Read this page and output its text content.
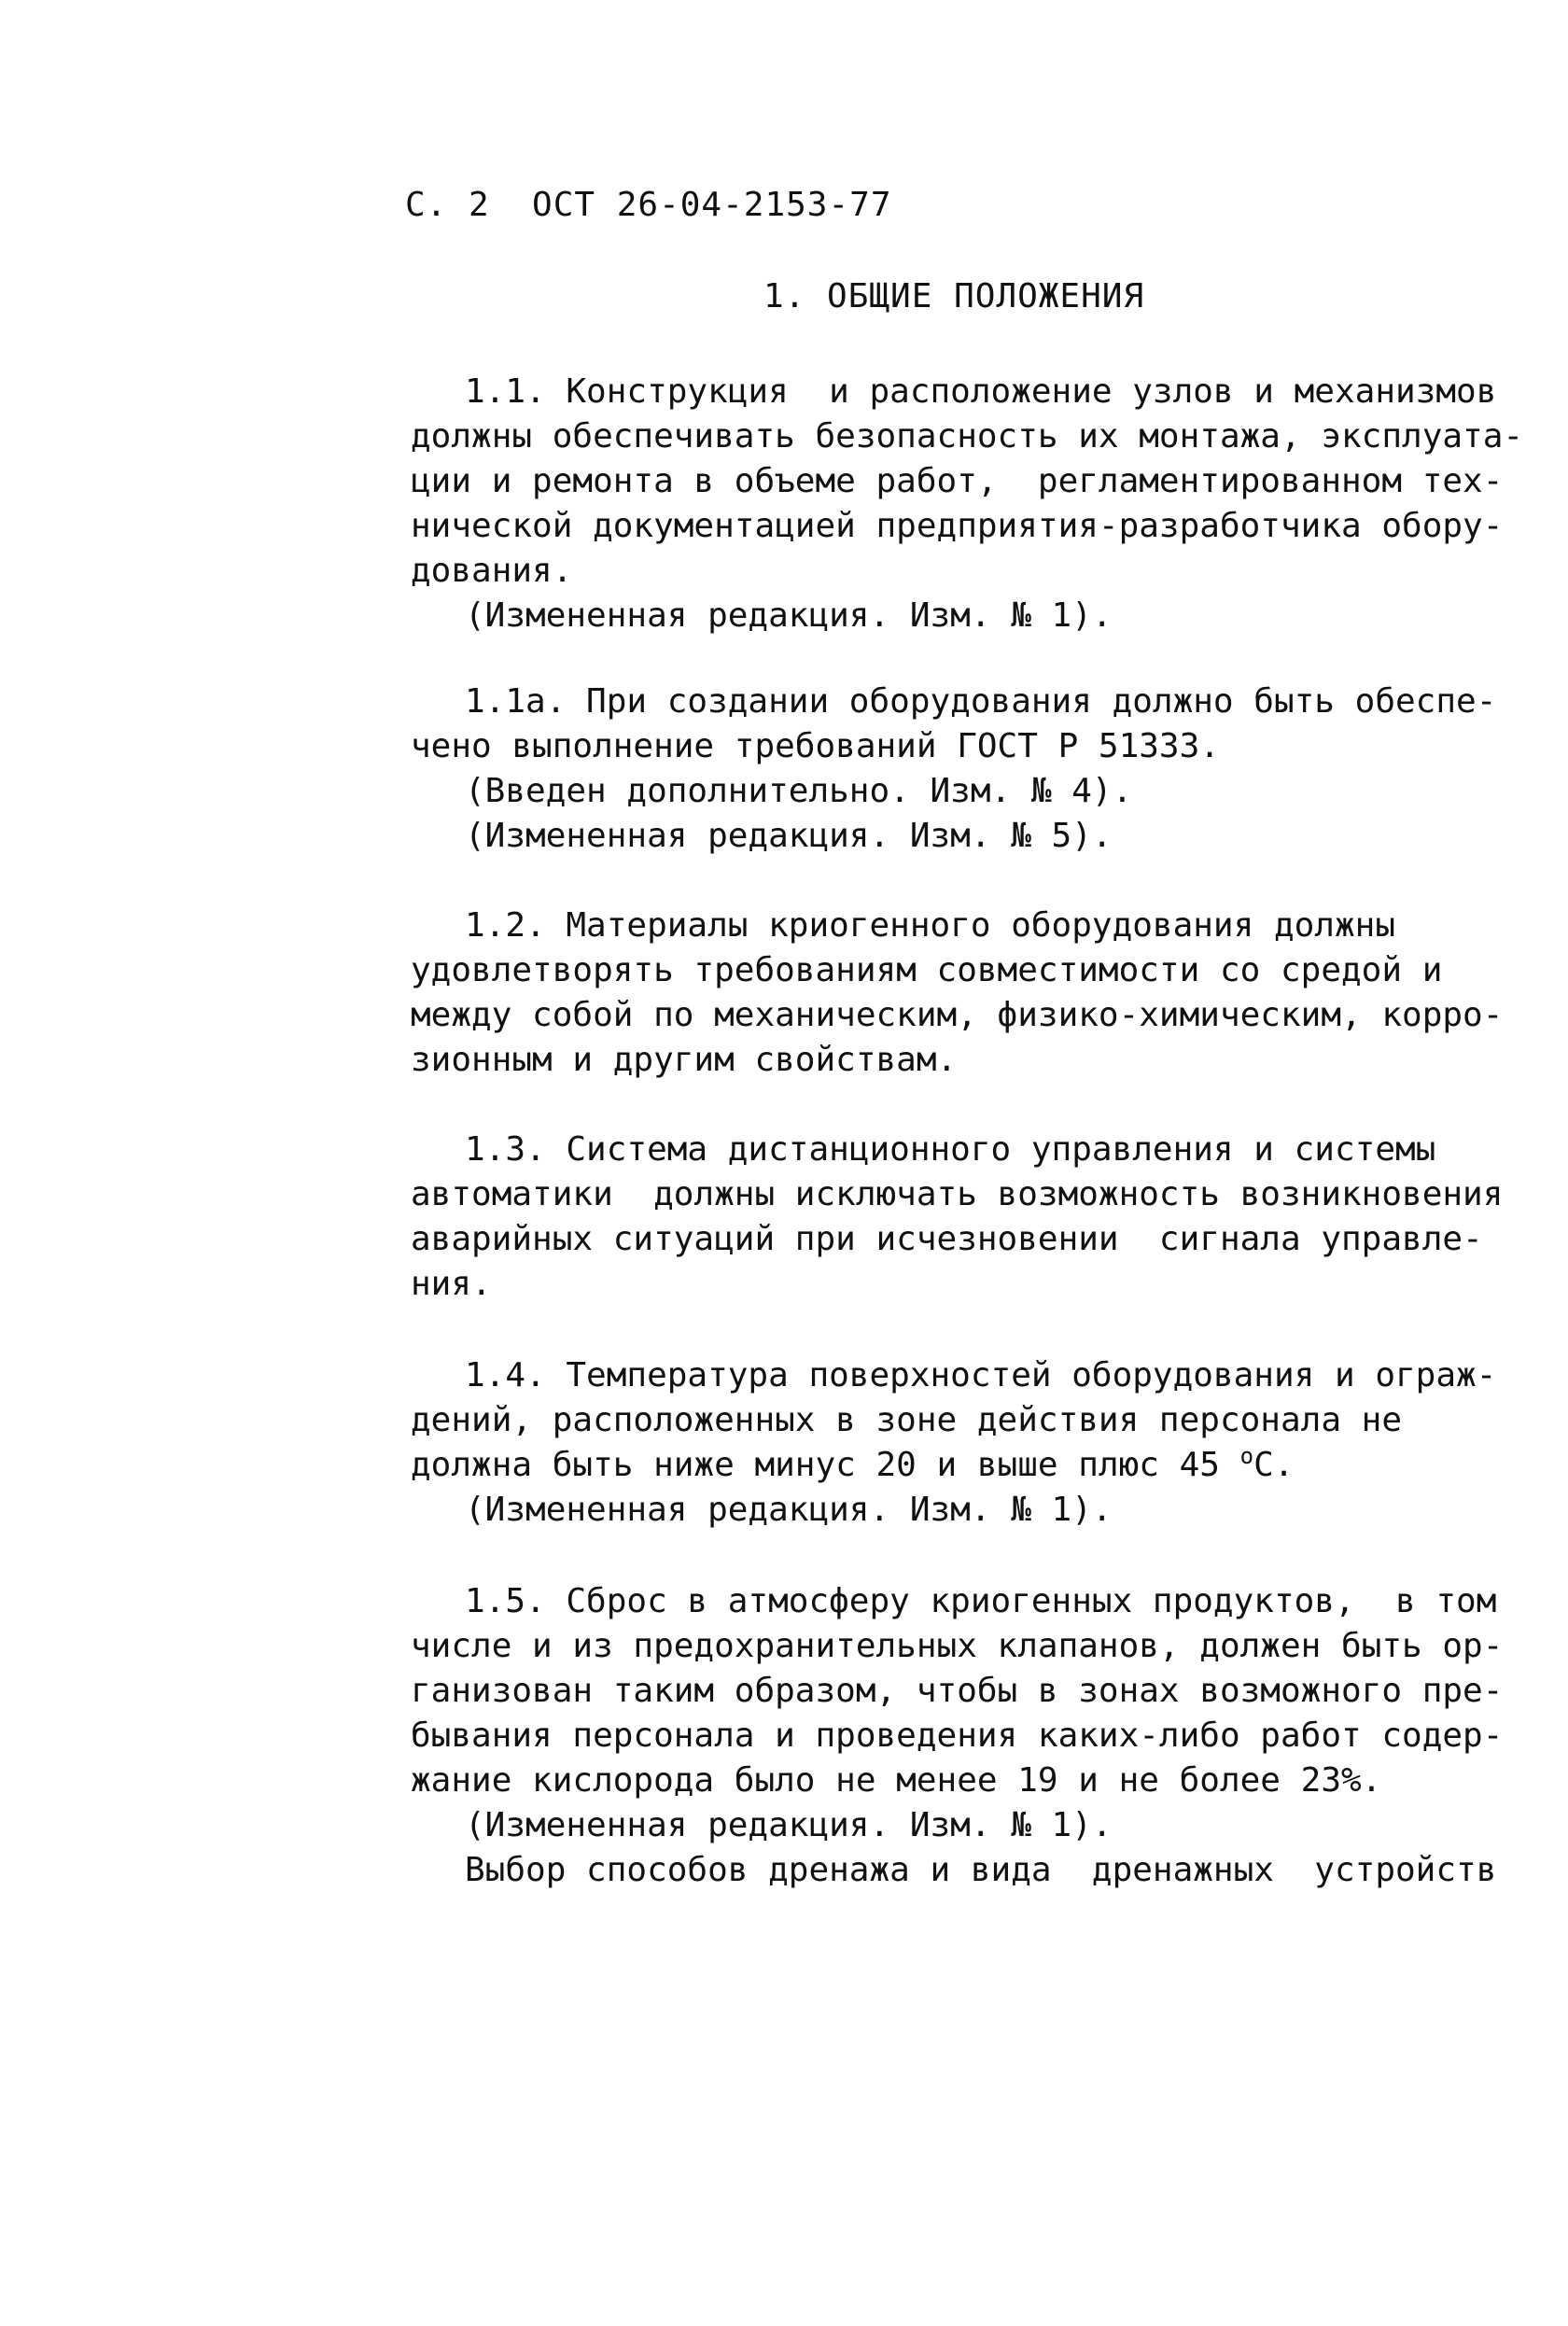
С. 2  ОСТ 26-04-2153-77
1. ОБЩИЕ ПОЛОЖЕНИЯ
1.1. Конструкция  и расположение узлов и механизмов
должны обеспечивать безопасность их монтажа, эксплуата-
ции и ремонта в объеме работ,  регламентированном тех-
нической документацией предприятия-разработчика обору-
дования.
(Измененная редакция. Изм. № 1).
1.1а. При создании оборудования должно быть обеспе-
чено выполнение требований ГОСТ Р 51333.
(Введен дополнительно. Изм. № 4).
(Измененная редакция. Изм. № 5).
1.2. Материалы криогенного оборудования должны
удовлетворять требованиям совместимости со средой и
между собой по механическим, физико-химическим, корро-
зионным и другим свойствам.
1.3. Система дистанционного управления и системы
автоматики  должны исключать возможность возникновения
аварийных ситуаций при исчезновении  сигнала управле-
ния.
1.4. Температура поверхностей оборудования и ограж-
дений, расположенных в зоне действия персонала не
должна быть ниже минус 20 и выше плюс 45 $^о$С.
(Измененная редакция. Изм. № 1).
1.5. Сброс в атмосферу криогенных продуктов,  в том
числе и из предохранительных клапанов, должен быть ор-
ганизован таким образом, чтобы в зонах возможного пре-
бывания персонала и проведения каких-либо работ содер-
жание кислорода было не менее 19 и не более 23%.
(Измененная редакция. Изм. № 1).
Выбор способов дренажа и вида  дренажных  устройств
